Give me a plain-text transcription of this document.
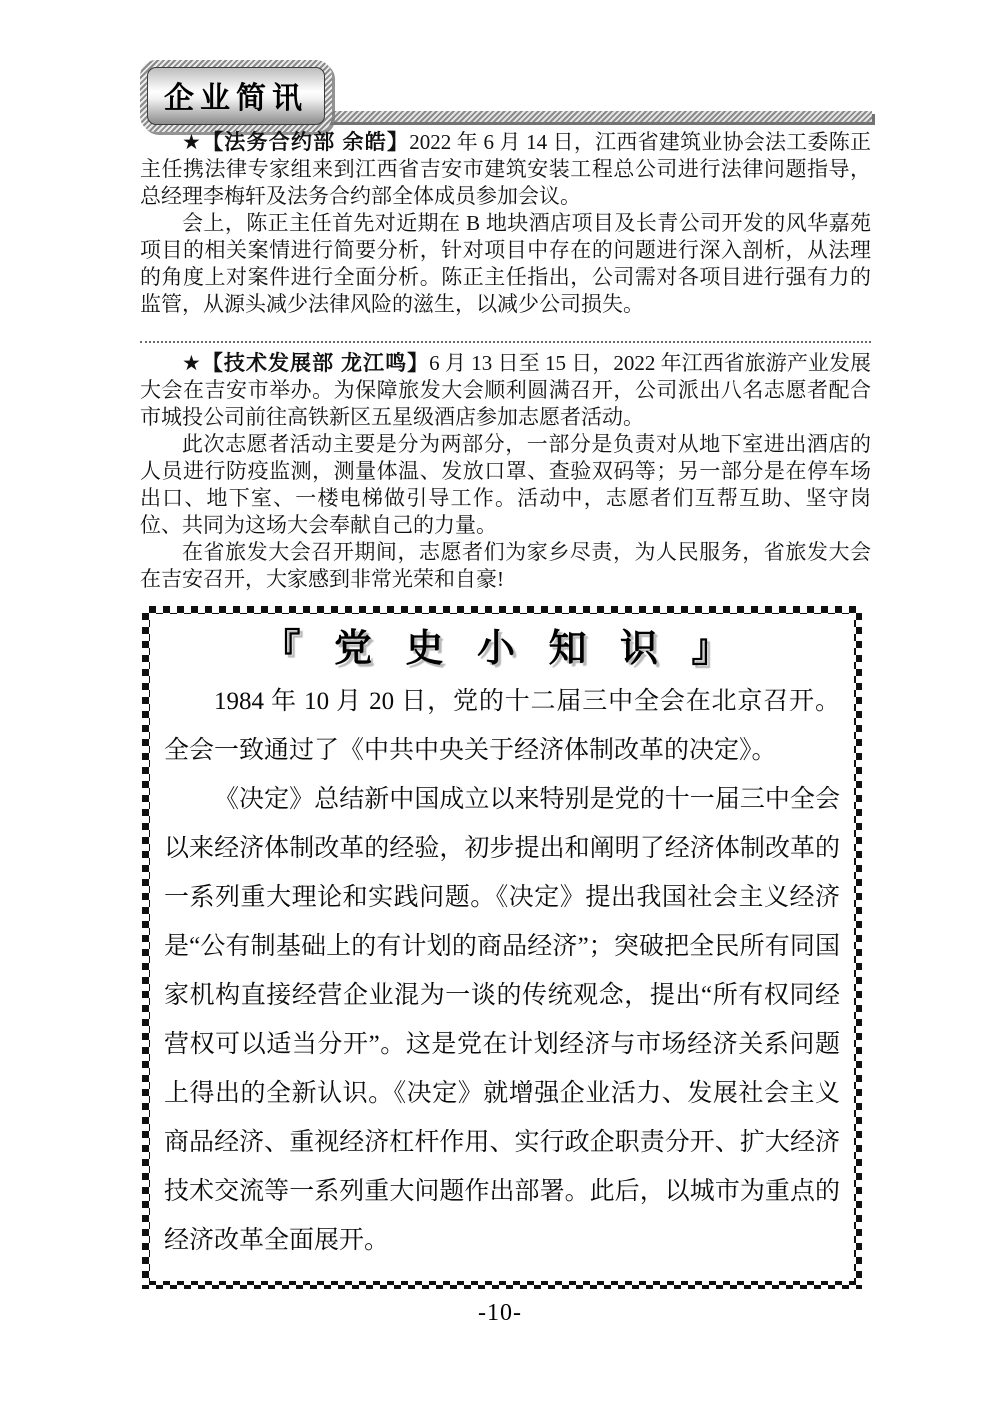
企业简讯

★【法务合约部 余皓】2022 年 6 月 14 日，江西省建筑业协会法工委陈正主任携法律专家组来到江西省吉安市建筑安装工程总公司进行法律问题指导，总经理李梅轩及法务合约部全体成员参加会议。

会上，陈正主任首先对近期在 B 地块酒店项目及长青公司开发的风华嘉苑项目的相关案情进行简要分析，针对项目中存在的问题进行深入剖析，从法理的角度上对案件进行全面分析。陈正主任指出，公司需对各项目进行强有力的监管，从源头减少法律风险的滋生，以减少公司损失。

★【技术发展部 龙江鸣】6 月 13 日至 15 日，2022 年江西省旅游产业发展大会在吉安市举办。为保障旅发大会顺利圆满召开，公司派出八名志愿者配合市城投公司前往高铁新区五星级酒店参加志愿者活动。

此次志愿者活动主要是分为两部分，一部分是负责对从地下室进出酒店的人员进行防疫监测，测量体温、发放口罩、查验双码等；另一部分是在停车场出口、地下室、一楼电梯做引导工作。活动中，志愿者们互帮互助、坚守岗位、共同为这场大会奉献自己的力量。

在省旅发大会召开期间，志愿者们为家乡尽责，为人民服务，省旅发大会在吉安召开，大家感到非常光荣和自豪!

『 党 史 小 知 识 』

1984 年 10 月 20 日，党的十二届三中全会在北京召开。全会一致通过了《中共中央关于经济体制改革的决定》。

《决定》总结新中国成立以来特别是党的十一届三中全会以来经济体制改革的经验，初步提出和阐明了经济体制改革的一系列重大理论和实践问题。《决定》提出我国社会主义经济是“公有制基础上的有计划的商品经济”；突破把全民所有同国家机构直接经营企业混为一谈的传统观念，提出“所有权同经营权可以适当分开”。这是党在计划经济与市场经济关系问题上得出的全新认识。《决定》就增强企业活力、发展社会主义商品经济、重视经济杠杆作用、实行政企职责分开、扩大经济技术交流等一系列重大问题作出部署。此后，以城市为重点的经济改革全面展开。

-10-
